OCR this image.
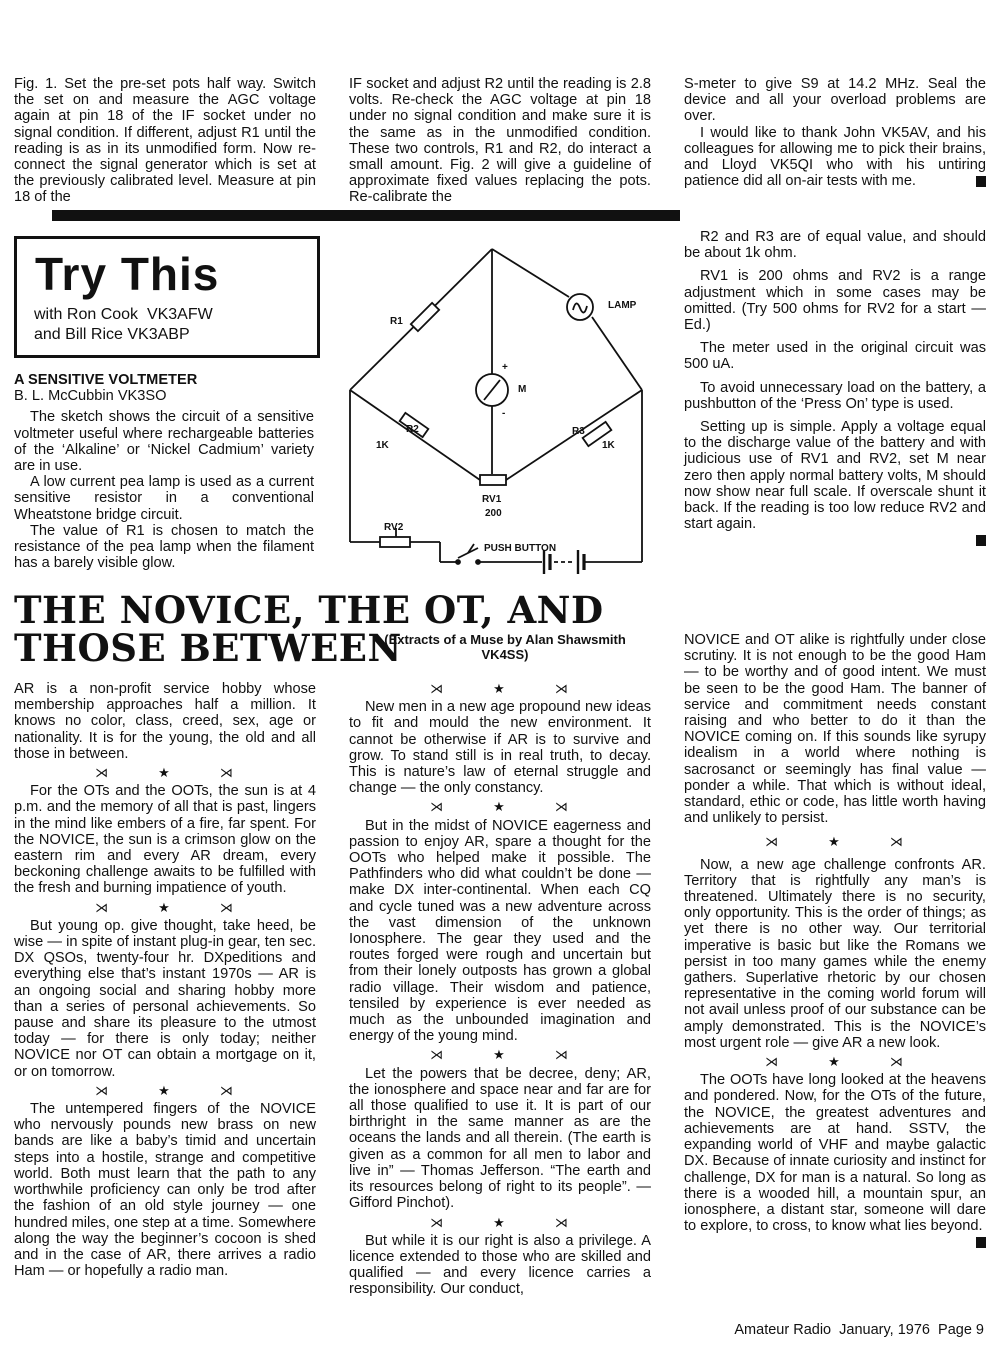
Fig. 1. Set the pre-set pots half way. Switch the set on and measure the AGC voltage again at pin 18 of the IF socket under no signal condition. If different, adjust R1 until the reading is as in its unmodified form. Now re-connect the signal generator which is set at the previously calibrated level. Measure at pin 18 of the

IF socket and adjust R2 until the reading is 2.8 volts. Re-check the AGC voltage at pin 18 under no signal condition and make sure it is the same as in the unmodified condition. These two controls, R1 and R2, do interact a small amount. Fig. 2 will give a guideline of approximate fixed values replacing the pots. Re-calibrate the

S-meter to give S9 at 14.2 MHz. Seal the device and all your overload problems are over.

I would like to thank John VK5AV, and his colleagues for allowing me to pick their brains, and Lloyd VK5QI who with his untiring patience did all on-air tests with me.

Try This
with Ron Cook  VK3AFW
and Bill Rice VK3ABP

A SENSITIVE VOLTMETER

B. L. McCubbin VK3SO

The sketch shows the circuit of a sensitive voltmeter useful where rechargeable batteries of the ‘Alkaline’ or ‘Nickel Cadmium’ variety are in use.

A low current pea lamp is used as a current sensitive resistor in a conventional Wheatstone bridge circuit.

The value of R1 is chosen to match the resistance of the pea lamp when the filament has a barely visible glow.

R1
LAMP
M
+
-
R2
1K
R3
1K
RV1
200
RV2
PUSH BUTTON

R2 and R3 are of equal value, and should be about 1k ohm.

RV1 is 200 ohms and RV2 is a range adjustment which in some cases may be omitted. (Try 500 ohms for RV2 for a start — Ed.)

The meter used in the original circuit was 500 uA.

To avoid unnecessary load on the battery, a pushbutton of the ‘Press On’ type is used.

Setting up is simple. Apply a voltage equal to the discharge value of the battery and with judicious use of RV1 and RV2, set M near zero then apply normal battery volts, M should now show near full scale. If overscale shunt it back. If the reading is too low reduce RV2 and start again.

THE NOVICE, THE OT, AND
THOSE BETWEEN
(Extracts of a Muse by Alan Shawsmith VK4SS)

AR is a non-profit service hobby whose membership approaches half a million. It knows no color, class, creed, sex, age or nationality. It is for the young, the old and all those in between.

⋊	★	⋊

For the OTs and the OOTs, the sun is at 4 p.m. and the memory of all that is past, lingers in the mind like embers of a fire, far spent. For the NOVICE, the sun is a crimson glow on the eastern rim and every AR dream, every beckoning challenge awaits to be fulfilled with the fresh and burning impatience of youth.

⋊	★	⋊

But young op. give thought, take heed, be wise — in spite of instant plug-in gear, ten sec. DX QSOs, twenty-four hr. DXpeditions and everything else that’s instant 1970s — AR is an ongoing social and sharing hobby more than a series of personal achievements. So pause and share its pleasure to the utmost today — for there is only today; neither NOVICE nor OT can obtain a mortgage on it, or on tomorrow.

⋊	★	⋊

The untempered fingers of the NOVICE who nervously pounds new brass on new bands are like a baby’s timid and uncertain steps into a hostile, strange and competitive world. Both must learn that the path to any worthwhile proficiency can only be trod after the fashion of an old style journey — one hundred miles, one step at a time. Somewhere along the way the beginner’s cocoon is shed and in the case of AR, there arrives a radio Ham — or hopefully a radio man.

⋊	★	⋊

New men in a new age propound new ideas to fit and mould the new environment. It cannot be otherwise if AR is to survive and grow. To stand still is in real truth, to decay. This is nature’s law of eternal struggle and change — the only constancy.

⋊	★	⋊

But in the midst of NOVICE eagerness and passion to enjoy AR, spare a thought for the OOTs who helped make it possible. The Pathfinders who did what couldn’t be done — make DX inter-continental. When each CQ and cycle tuned was a new adventure across the vast dimension of the unknown Ionosphere. The gear they used and the routes forged were rough and uncertain but from their lonely outposts has grown a global radio village. Their wisdom and patience, tensiled by experience is ever needed as much as the unbounded imagination and energy of the young mind.

⋊	★	⋊

Let the powers that be decree, deny; AR, the ionosphere and space near and far are for all those qualified to use it. It is part of our birthright in the same manner as are the oceans the lands and all therein. (The earth is given as a common for all men to labor and live in” — Thomas Jefferson. “The earth and its resources belong of right to its people”. — Gifford Pinchot).

⋊	★	⋊

But while it is our right is also a privilege. A licence extended to those who are skilled and qualified — and every licence carries a responsibility. Our conduct,

NOVICE and OT alike is rightfully under close scrutiny. It is not enough to be the good Ham — to be worthy and of good intent. We must be seen to be the good Ham. The banner of service and commitment needs constant raising and who better to do it than the NOVICE coming on. If this sounds like syrupy idealism in a world where nothing is sacrosanct or seemingly has final value — ponder a while. That which is without ideal, standard, ethic or code, has little worth having and unlikely to persist.

⋊	★	⋊

Now, a new age challenge confronts AR. Territory that is rightfully any man’s is threatened. Ultimately there is no security, only opportunity. This is the order of things; as yet there is no other way. Our territorial imperative is basic but like the Romans we persist in too many games while the enemy gathers. Superlative rhetoric by our chosen representative in the coming world forum will not avail unless proof of our substance can be amply demonstrated. This is the NOVICE’s most urgent role — give AR a new look.

⋊	★	⋊

The OOTs have long looked at the heavens and pondered. Now, for the OTs of the future, the NOVICE, the greatest adventures and achievements are at hand. SSTV, the expanding world of VHF and maybe galactic DX. Because of innate curiosity and instinct for challenge, DX for man is a natural. So long as there is a wooded hill, a mountain spur, an ionosphere, a distant star, someone will dare to explore, to cross, to know what lies beyond.

Amateur Radio  January, 1976  Page 9
